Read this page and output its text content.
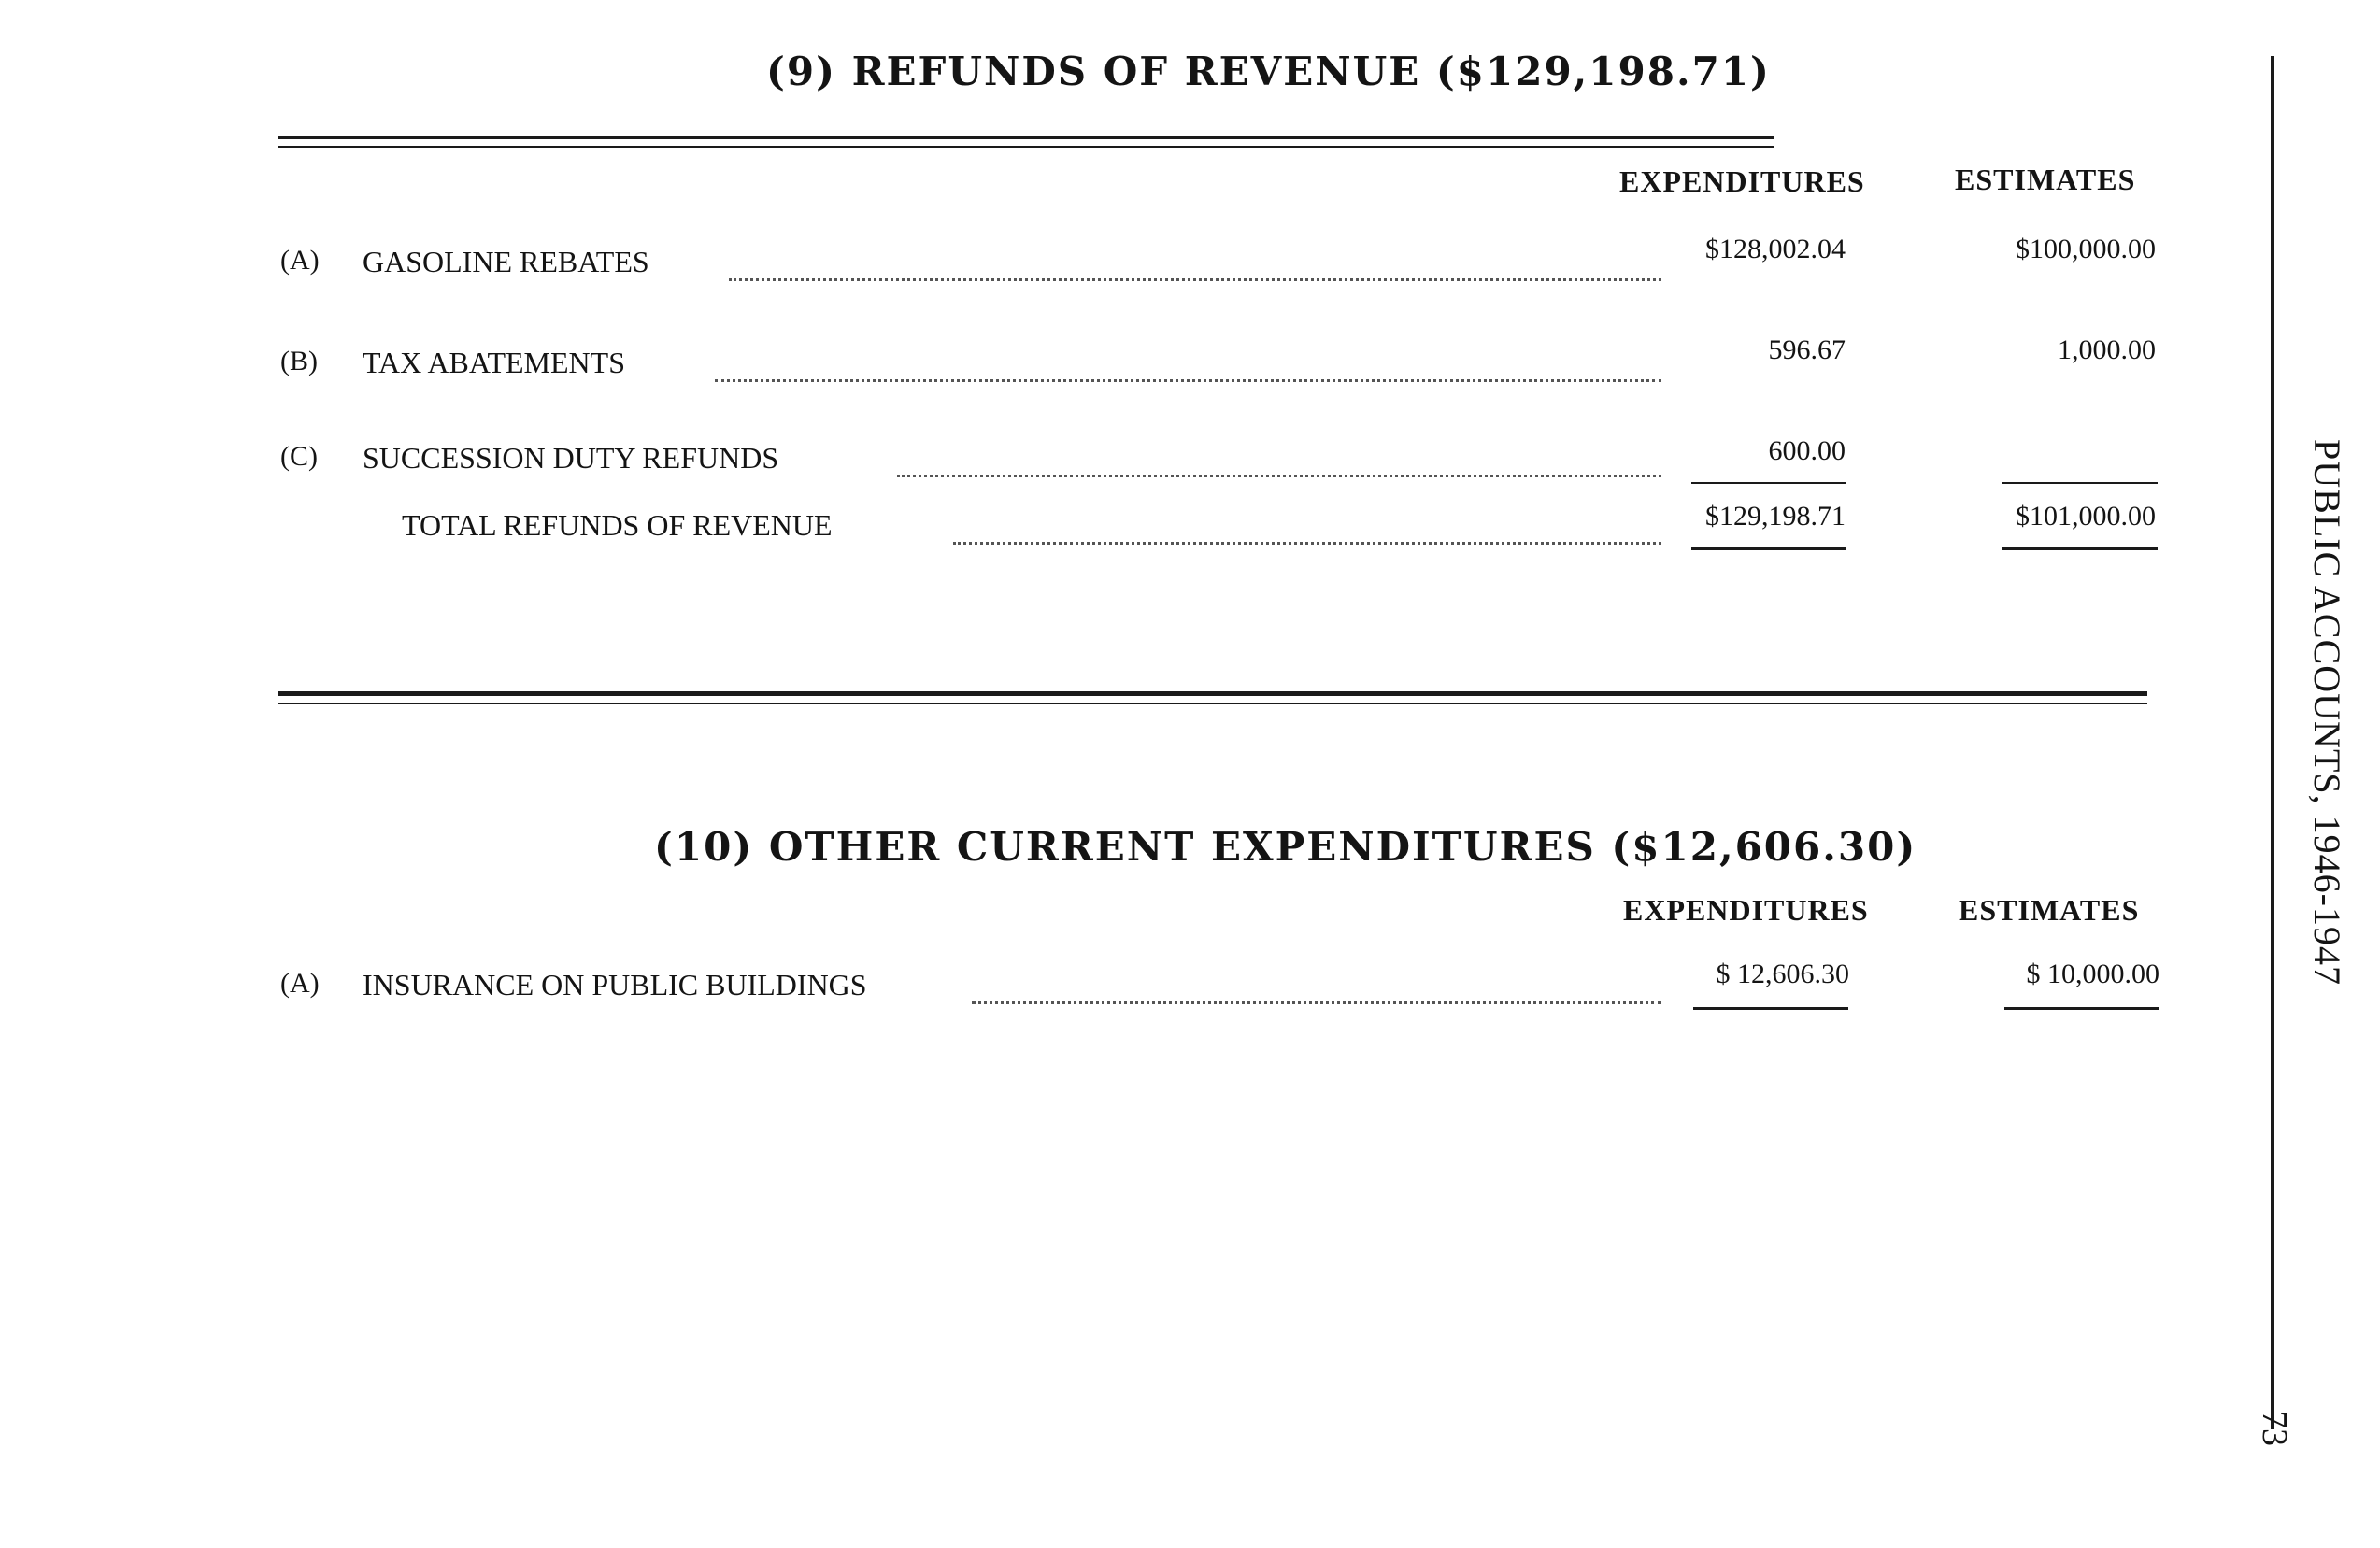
(9) REFUNDS OF REVENUE ($129,198.71)
EXPENDITURES	ESTIMATES
(A) GASOLINE REBATES	$128,002.04	$100,000.00
(B) TAX ABATEMENTS	596.67	1,000.00
(C) SUCCESSION DUTY REFUNDS	600.00
TOTAL REFUNDS OF REVENUE	$129,198.71	$101,000.00
(10) OTHER CURRENT EXPENDITURES ($12,606.30)
EXPENDITURES	ESTIMATES
(A) INSURANCE ON PUBLIC BUILDINGS	$ 12,606.30	$ 10,000.00	PUBLIC ACCOUNTS, 1946-1947
73
